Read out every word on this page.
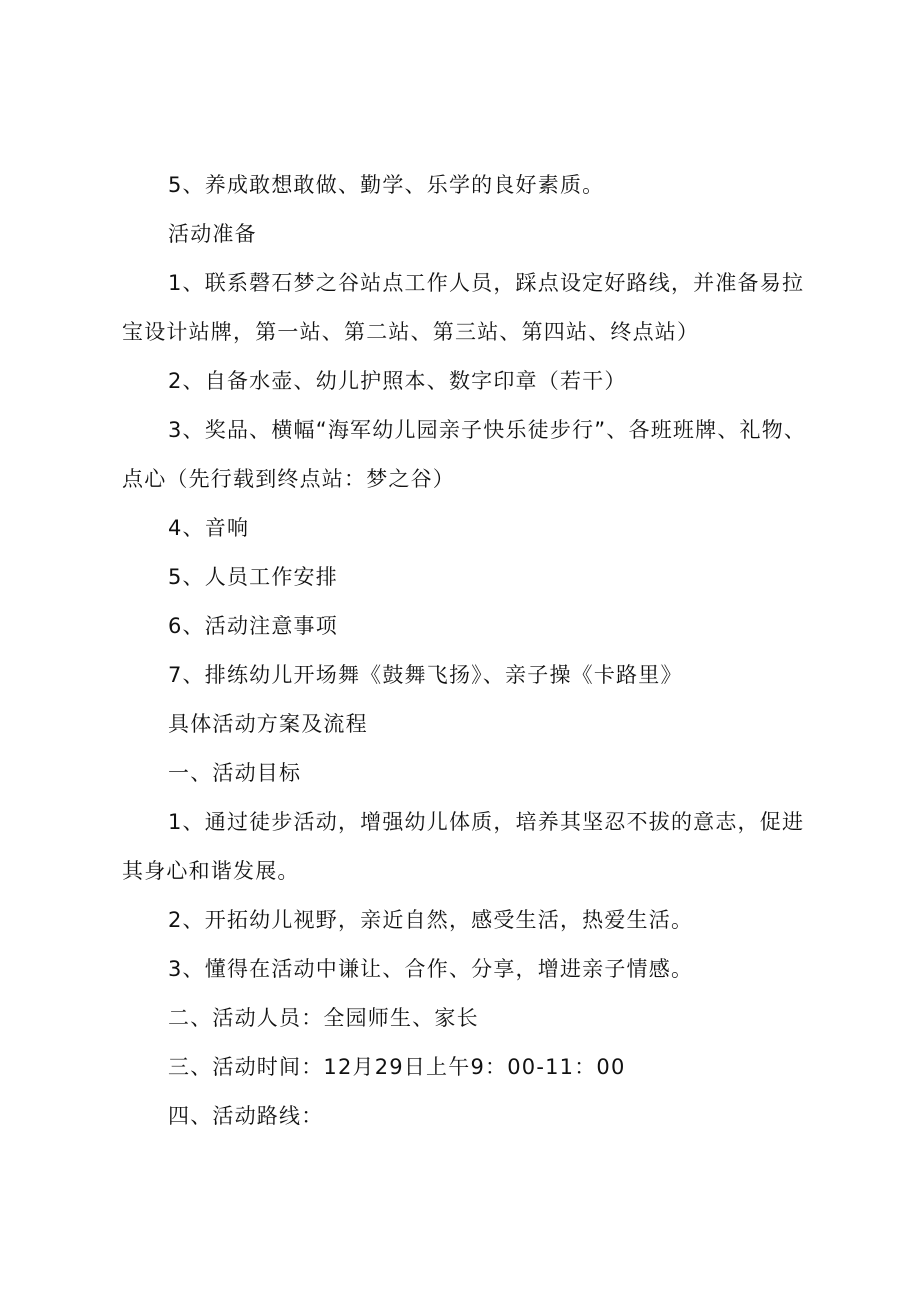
5、养成敢想敢做、勤学、乐学的良好素质。

活动准备

1、联系磬石梦之谷站点工作人员，踩点设定好路线，并准备易拉宝设计站牌，第一站、第二站、第三站、第四站、终点站）

2、自备水壶、幼儿护照本、数字印章（若干）

3、奖品、横幅“海军幼儿园亲子快乐徒步行”、各班班牌、礼物、点心（先行载到终点站：梦之谷）

4、音响

5、人员工作安排

6、活动注意事项

7、排练幼儿开场舞《鼓舞飞扬》、亲子操《卡路里》

具体活动方案及流程

一、活动目标

1、通过徒步活动，增强幼儿体质，培养其坚忍不拔的意志，促进其身心和谐发展。

2、开拓幼儿视野，亲近自然，感受生活，热爱生活。

3、懂得在活动中谦让、合作、分享，增进亲子情感。

二、活动人员：全园师生、家长

三、活动时间：12月29日上午9：00-11：00

四、活动路线：
